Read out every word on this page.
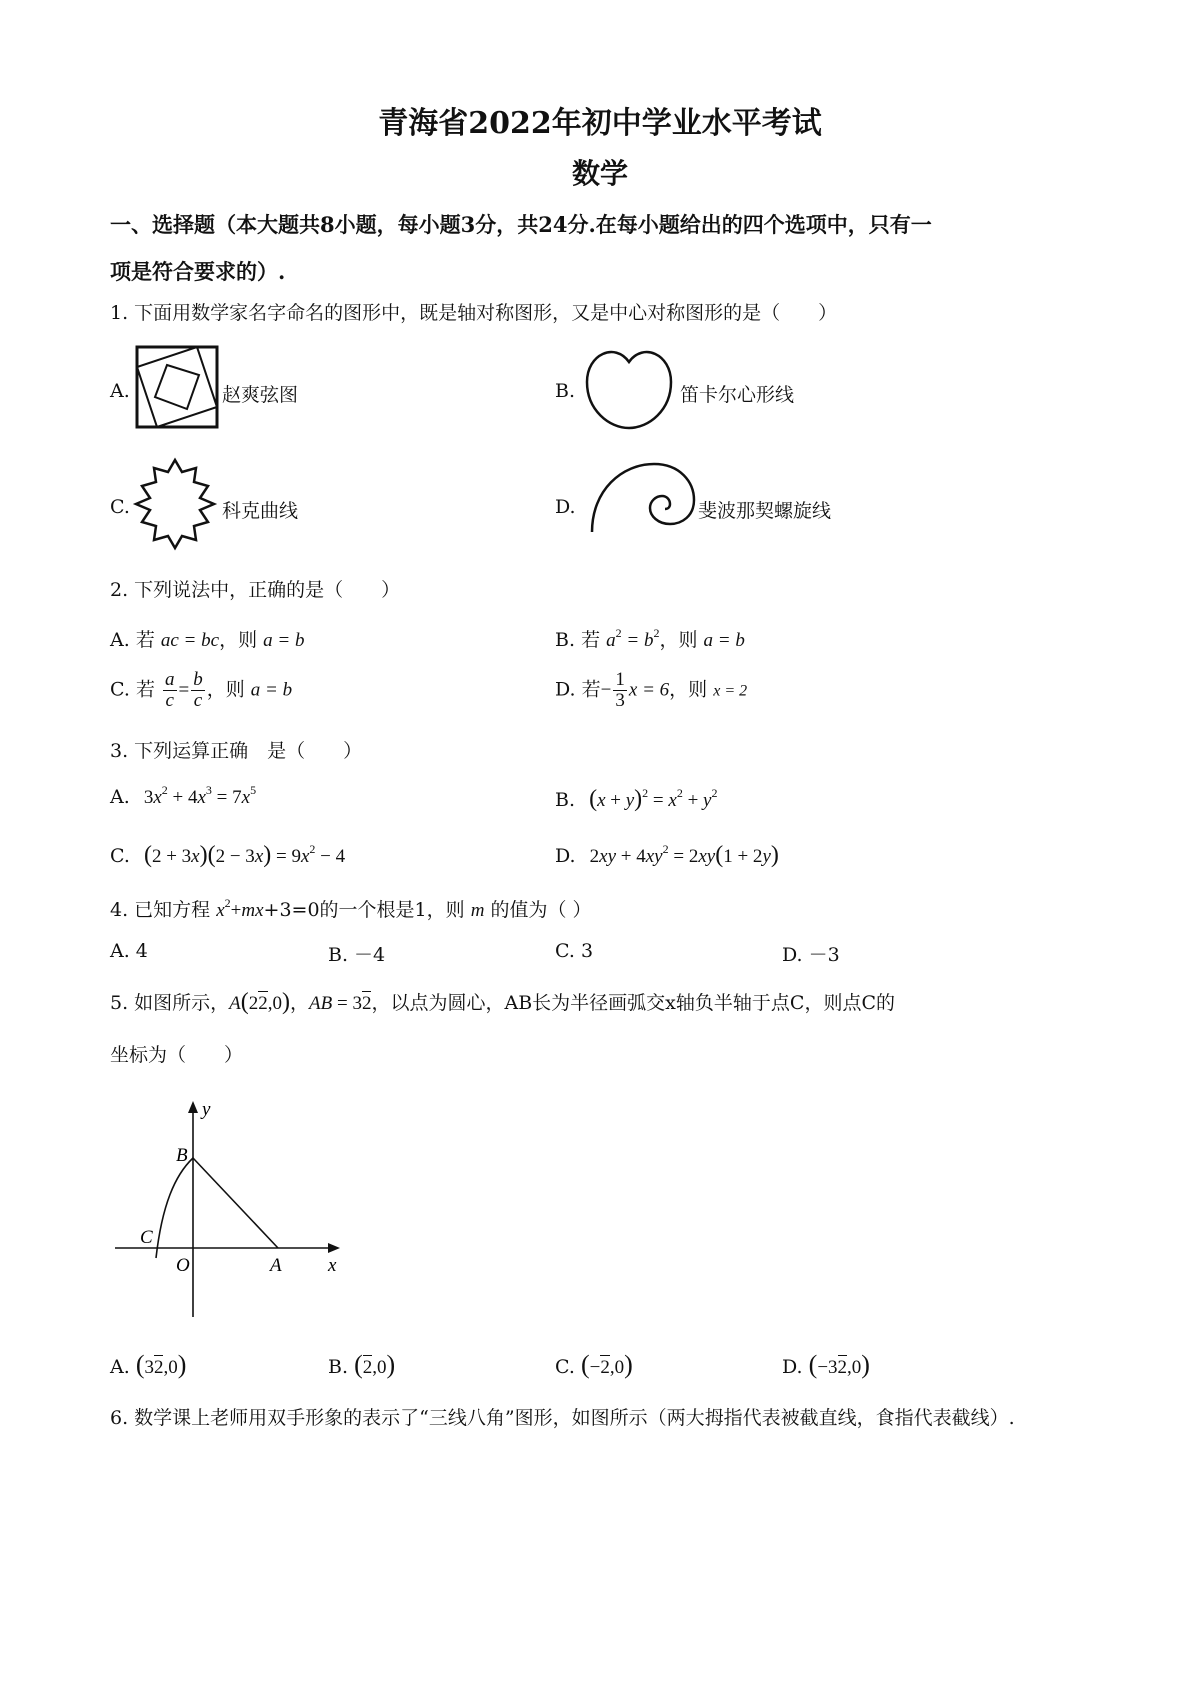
青海省2022年初中学业水平考试
数学
一、选择题（本大题共8小题，每小题3分，共24分.在每小题给出的四个选项中，只有一
项是符合要求的）.
1. 下面用数学家名字命名的图形中，既是轴对称图形，又是中心对称图形的是（　　）
A.	赵爽弦图	B.	笛卡尔心形线
C.	科克曲线	D.	斐波那契螺旋线
2. 下列说法中，正确的是（　　）
A. 若 ac = bc，则 a = b	B. 若 $a^2 = b^2$，则 a = b
C. 若 $\frac{a}{c} = \frac{b}{c}$ ，则 a = b	D. 若− $\frac{1}{3}$ x = 6，则 x = 2
3. 下列运算正确　是（　　）
A. $3x^2 + 4x^3 = 7x^5$	B. $(x + y)^2 = x^2 + y^2$
C. $(2 + 3x)(2 - 3x) = 9x^2 - 4$	D. $2xy + 4xy^2 = 2xy(1 + 2y)$
4. 已知方程 $x^2+mx+3=0$的一个根是1，则 m 的值为（ ）
A. 4	B. －4	C. 3	D. －3
5. 如图所示，A(22,0)，AB = 32，以点为圆心，AB长为半径画弧交x轴负半轴于点C，则点C的
坐标为（　　）
y
B
C
O	A x
A. (32,0)	B. (2,0)	C. (−2,0)	D. (−32,0)
6. 数学课上老师用双手形象的表示了“三线八角”图形，如图所示（两大拇指代表被截直线，食指代表截线）.
